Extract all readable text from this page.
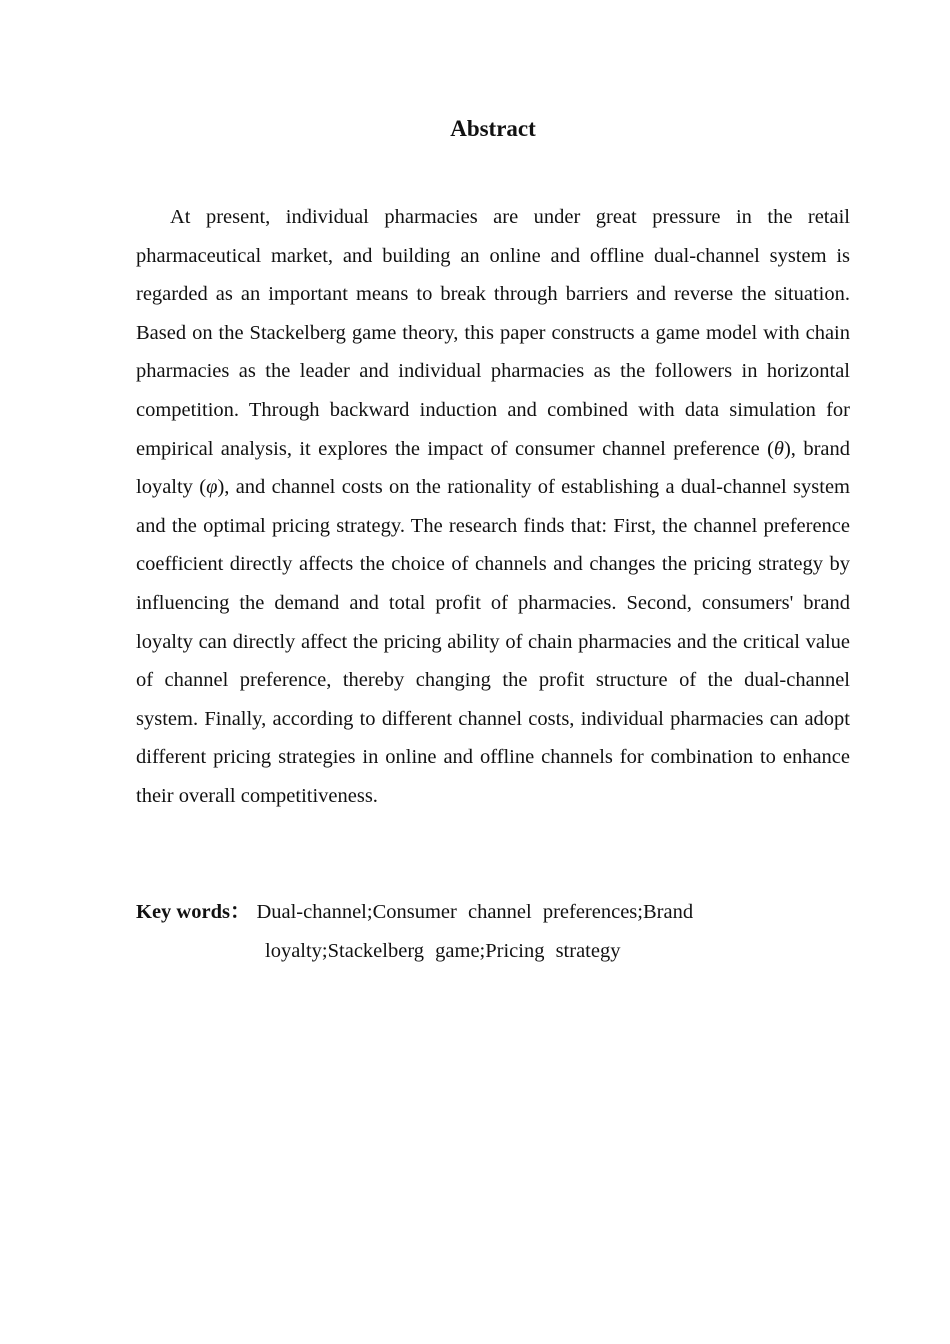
Abstract

At present, individual pharmacies are under great pressure in the retail pharmaceutical market, and building an online and offline dual-channel system is regarded as an important means to break through barriers and reverse the situation. Based on the Stackelberg game theory, this paper constructs a game model with chain pharmacies as the leader and individual pharmacies as the followers in horizontal competition. Through backward induction and combined with data simulation for empirical analysis, it explores the impact of consumer channel preference (θ), brand loyalty (φ), and channel costs on the rationality of establishing a dual-channel system and the optimal pricing strategy. The research finds that: First, the channel preference coefficient directly affects the choice of channels and changes the pricing strategy by influencing the demand and total profit of pharmacies. Second, consumers' brand loyalty can directly affect the pricing ability of chain pharmacies and the critical value of channel preference, thereby changing the profit structure of the dual-channel system. Finally, according to different channel costs, individual pharmacies can adopt different pricing strategies in online and offline channels for combination to enhance their overall competitiveness.

Key words： Dual-channel;Consumer channel preferences;Brand
loyalty;Stackelberg game;Pricing strategy
